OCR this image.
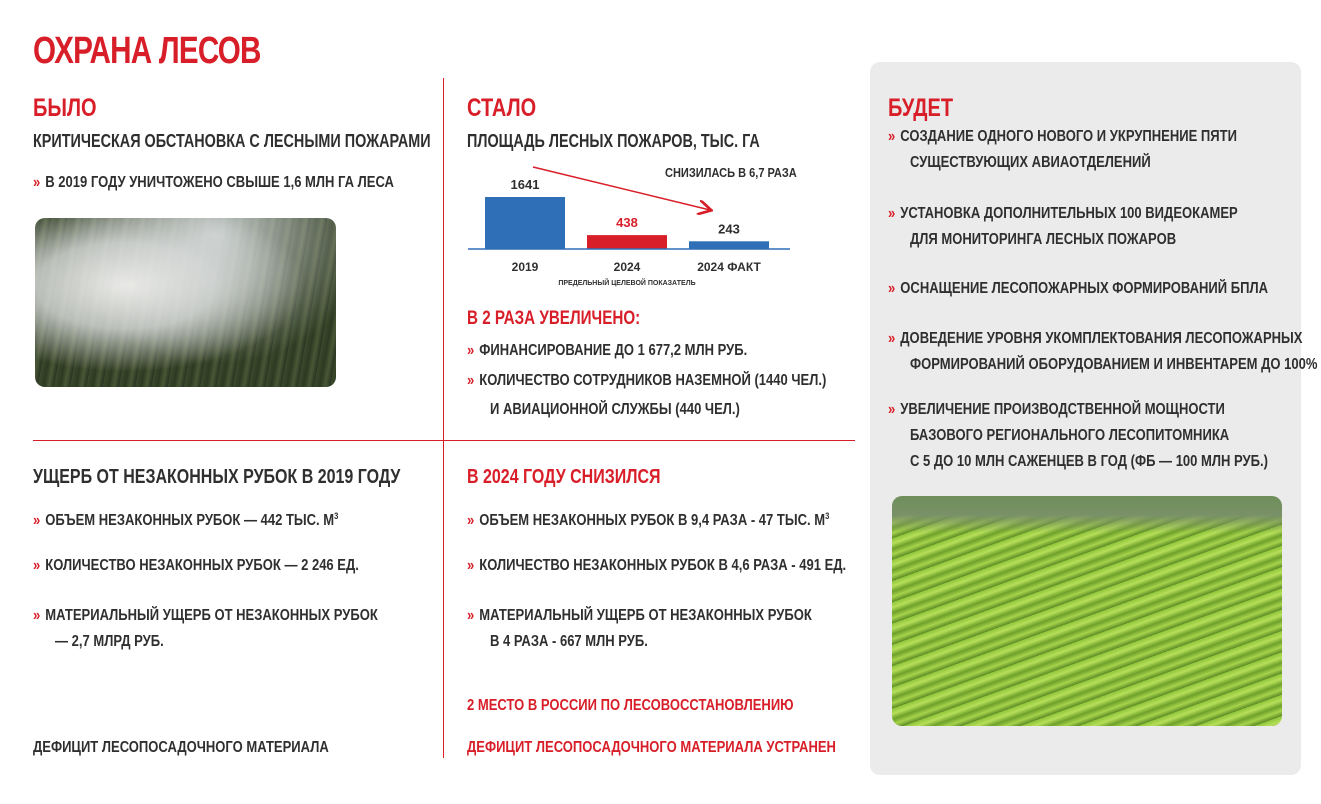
ОХРАНА ЛЕСОВ
БЫЛО
КРИТИЧЕСКАЯ ОБСТАНОВКА С ЛЕСНЫМИ ПОЖАРАМИ
» В 2019 ГОДУ УНИЧТОЖЕНО СВЫШЕ 1,6 МЛН ГА ЛЕСА
СТАЛО
ПЛОЩАДЬ ЛЕСНЫХ ПОЖАРОВ, ТЫС. ГА
СНИЗИЛАСЬ В 6,7 РАЗА
1641
2019
438
2024
ПРЕДЕЛЬНЫЙ ЦЕЛЕВОЙ ПОКАЗАТЕЛЬ
243
2024 ФАКТ
В 2 РАЗА УВЕЛИЧЕНО:
» ФИНАНСИРОВАНИЕ ДО 1 677,2 МЛН РУБ.
» КОЛИЧЕСТВО СОТРУДНИКОВ НАЗЕМНОЙ (1440 ЧЕЛ.)
И АВИАЦИОННОЙ СЛУЖБЫ (440 ЧЕЛ.)
УЩЕРБ ОТ НЕЗАКОННЫХ РУБОК В 2019 ГОДУ
» ОБЪЕМ НЕЗАКОННЫХ РУБОК — 442 ТЫС. $М^3$
» КОЛИЧЕСТВО НЕЗАКОННЫХ РУБОК — 2 246 ЕД.
» МАТЕРИАЛЬНЫЙ УЩЕРБ ОТ НЕЗАКОННЫХ РУБОК
— 2,7 МЛРД РУБ.
ДЕФИЦИТ ЛЕСОПОСАДОЧНОГО МАТЕРИАЛА
В 2024 ГОДУ СНИЗИЛСЯ
» ОБЪЕМ НЕЗАКОННЫХ РУБОК В 9,4 РАЗА - 47 ТЫС. $М^3$
» КОЛИЧЕСТВО НЕЗАКОННЫХ РУБОК В 4,6 РАЗА - 491 ЕД.
» МАТЕРИАЛЬНЫЙ УЩЕРБ ОТ НЕЗАКОННЫХ РУБОК
В 4 РАЗА - 667 МЛН РУБ.
2 МЕСТО В РОССИИ ПО ЛЕСОВОССТАНОВЛЕНИЮ
ДЕФИЦИТ ЛЕСОПОСАДОЧНОГО МАТЕРИАЛА УСТРАНЕН
БУДЕТ
» СОЗДАНИЕ ОДНОГО НОВОГО И УКРУПНЕНИЕ ПЯТИ
СУЩЕСТВУЮЩИХ АВИАОТДЕЛЕНИЙ
» УСТАНОВКА ДОПОЛНИТЕЛЬНЫХ 100 ВИДЕОКАМЕР
ДЛЯ МОНИТОРИНГА ЛЕСНЫХ ПОЖАРОВ
» ОСНАЩЕНИЕ ЛЕСОПОЖАРНЫХ ФОРМИРОВАНИЙ БПЛА
» ДОВЕДЕНИЕ УРОВНЯ УКОМПЛЕКТОВАНИЯ ЛЕСОПОЖАРНЫХ
ФОРМИРОВАНИЙ ОБОРУДОВАНИЕМ И ИНВЕНТАРЕМ ДО 100%
» УВЕЛИЧЕНИЕ ПРОИЗВОДСТВЕННОЙ МОЩНОСТИ
БАЗОВОГО РЕГИОНАЛЬНОГО ЛЕСОПИТОМНИКА
С 5 ДО 10 МЛН САЖЕНЦЕВ В ГОД (ФБ — 100 МЛН РУБ.)
